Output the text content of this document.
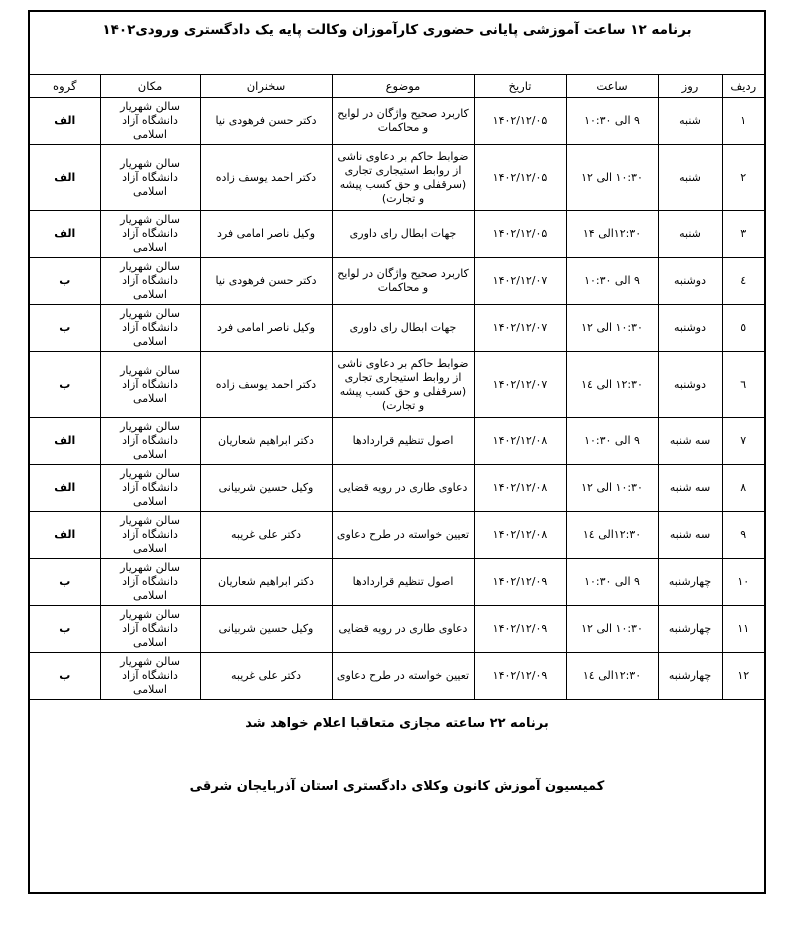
برنامه ۱۲ ساعت آموزشی پایانی حضوری کارآموزان وکالت پایه یک دادگستری ورودی۱۴۰۲
ردیف	روز	ساعت	تاریخ	موضوع	سخنران	مکان	گروه
۱	شنبه	۹ الی ۱۰:۳۰	۱۴۰۲/۱۲/۰۵	کاربرد صحیح واژگان در لوایح و محاکمات	دکتر حسن فرهودی نیا	سالن شهریار دانشگاه آزاد اسلامی	الف
۲	شنبه	۱۰:۳۰ الی ۱۲	۱۴۰۲/۱۲/۰۵	ضوابط حاکم بر دعاوی ناشی از روابط استیجاری تجاری (سرقفلی و حق کسب پیشه و تجارت)	دکتر احمد یوسف زاده	سالن شهریار دانشگاه آزاد اسلامی	الف
۳	شنبه	۱۲:۳۰الی ۱۴	۱۴۰۲/۱۲/۰۵	جهات ابطال رای داوری	وکیل ناصر امامی فرد	سالن شهریار دانشگاه آزاد اسلامی	الف
٤	دوشنبه	۹ الی ۱۰:۳۰	۱۴۰۲/۱۲/۰۷	کاربرد صحیح واژگان در لوایح و محاکمات	دکتر حسن فرهودی نیا	سالن شهریار دانشگاه آزاد اسلامی	ب
٥	دوشنبه	۱۰:۳۰ الی ۱۲	۱۴۰۲/۱۲/۰۷	جهات ابطال رای داوری	وکیل ناصر امامی فرد	سالن شهریار دانشگاه آزاد اسلامی	ب
٦	دوشنبه	۱۲:۳۰ الی ۱٤	۱۴۰۲/۱۲/۰۷	ضوابط حاکم بر دعاوی ناشی از روابط استیجاری تجاری (سرقفلی و حق کسب پیشه و تجارت)	دکتر احمد یوسف زاده	سالن شهریار دانشگاه آزاد اسلامی	ب
۷	سه شنبه	۹ الی ۱۰:۳۰	۱۴۰۲/۱۲/۰۸	اصول تنظیم قراردادها	دکتر ابراهیم شعاریان	سالن شهریار دانشگاه آزاد اسلامی	الف
۸	سه شنبه	۱۰:۳۰ الی ۱۲	۱۴۰۲/۱۲/۰۸	دعاوی طاری در رویه قضایی	وکیل حسین شربیانی	سالن شهریار دانشگاه آزاد اسلامی	الف
۹	سه شنبه	۱۲:۳۰الی ۱٤	۱۴۰۲/۱۲/۰۸	تعیین خواسته در طرح دعاوی	دکتر علی غریبه	سالن شهریار دانشگاه آزاد اسلامی	الف
۱۰	چهارشنبه	۹ الی ۱۰:۳۰	۱۴۰۲/۱۲/۰۹	اصول تنظیم قراردادها	دکتر ابراهیم شعاریان	سالن شهریار دانشگاه آزاد اسلامی	ب
۱۱	چهارشنبه	۱۰:۳۰ الی ۱۲	۱۴۰۲/۱۲/۰۹	دعاوی طاری در رویه قضایی	وکیل حسین شربیانی	سالن شهریار دانشگاه آزاد اسلامی	ب
۱۲	چهارشنبه	۱۲:۳۰الی ۱٤	۱۴۰۲/۱۲/۰۹	تعیین خواسته در طرح دعاوی	دکتر علی غریبه	سالن شهریار دانشگاه آزاد اسلامی	ب
برنامه ۲۲ ساعته مجازی متعاقبا اعلام خواهد شد
کمیسیون آموزش کانون وکلای دادگستری استان آذربایجان شرقی
